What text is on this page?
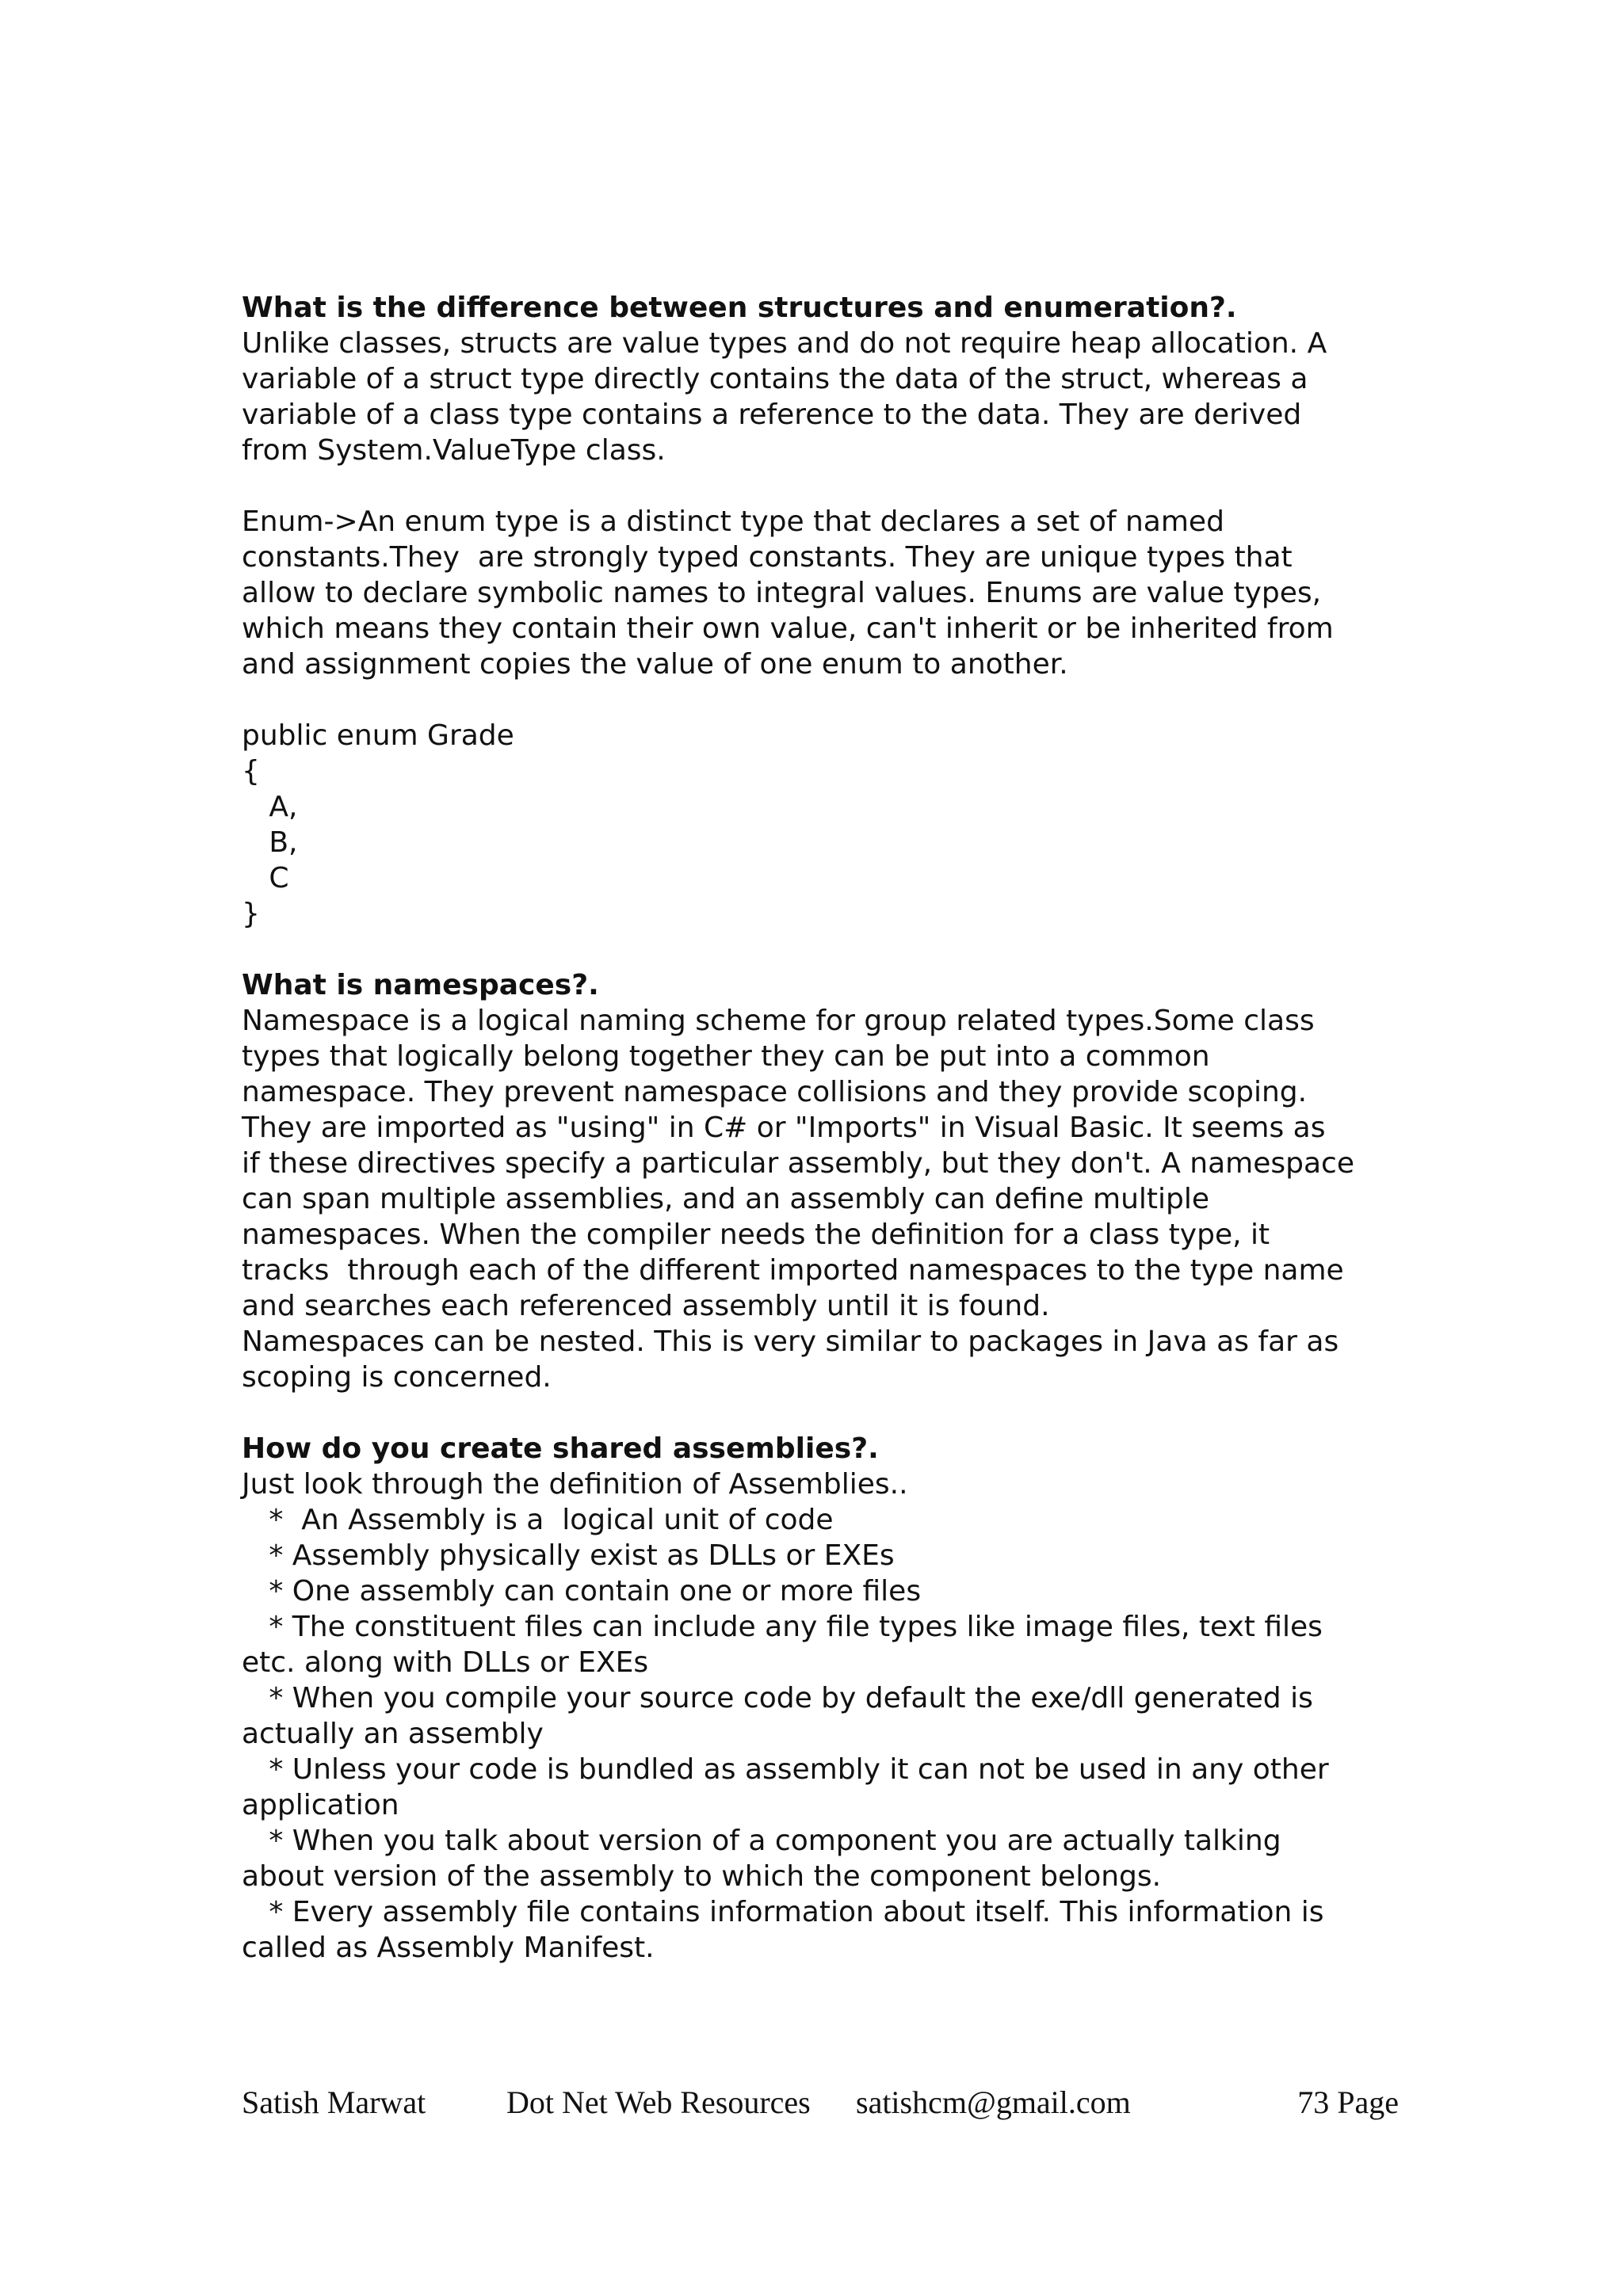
What is the difference between structures and enumeration?.
Unlike classes, structs are value types and do not require heap allocation. A
variable of a struct type directly contains the data of the struct, whereas a
variable of a class type contains a reference to the data. They are derived
from System.ValueType class.
Enum->An enum type is a distinct type that declares a set of named
constants.They  are strongly typed constants. They are unique types that
allow to declare symbolic names to integral values. Enums are value types,
which means they contain their own value, can't inherit or be inherited from
and assignment copies the value of one enum to another.
public enum Grade
{
A,
B,
C
}
What is namespaces?.
Namespace is a logical naming scheme for group related types.Some class
types that logically belong together they can be put into a common
namespace. They prevent namespace collisions and they provide scoping.
They are imported as "using" in C# or "Imports" in Visual Basic. It seems as
if these directives specify a particular assembly, but they don't. A namespace
can span multiple assemblies, and an assembly can define multiple
namespaces. When the compiler needs the definition for a class type, it
tracks  through each of the different imported namespaces to the type name
and searches each referenced assembly until it is found.
Namespaces can be nested. This is very similar to packages in Java as far as
scoping is concerned.
How do you create shared assemblies?.
Just look through the definition of Assemblies..
*  An Assembly is a  logical unit of code
* Assembly physically exist as DLLs or EXEs
* One assembly can contain one or more files
* The constituent files can include any file types like image files, text files
etc. along with DLLs or EXEs
* When you compile your source code by default the exe/dll generated is
actually an assembly
* Unless your code is bundled as assembly it can not be used in any other
application
* When you talk about version of a component you are actually talking
about version of the assembly to which the component belongs.
* Every assembly file contains information about itself. This information is
called as Assembly Manifest.
Satish Marwat	Dot Net Web Resources satishcm@gmail.com	73 Page
